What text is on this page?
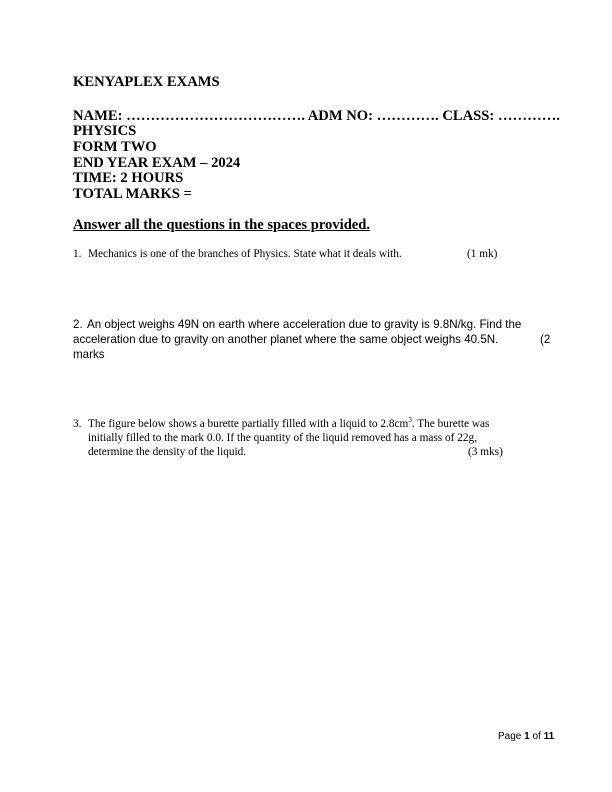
KENYAPLEX EXAMS
NAME: ………………………………. ADM NO: …………. CLASS: ………….
PHYSICS
FORM TWO
END YEAR EXAM – 2024
TIME: 2 HOURS
TOTAL MARKS =
Answer all the questions in the spaces provided.
1. Mechanics is one of the branches of Physics. State what it deals with.	(1 mk)
2. An object weighs 49N on earth where acceleration due to gravity is 9.8N/kg. Find the
acceleration due to gravity on another planet where the same object weighs 40.5N.	(2
marks
3. The figure below shows a burette partially filled with a liquid to $2.8cm^3$. The burette was
initially filled to the mark 0.0. If the quantity of the liquid removed has a mass of 22g,
determine the density of the liquid.	(3 mks)
Page 1 of 11
